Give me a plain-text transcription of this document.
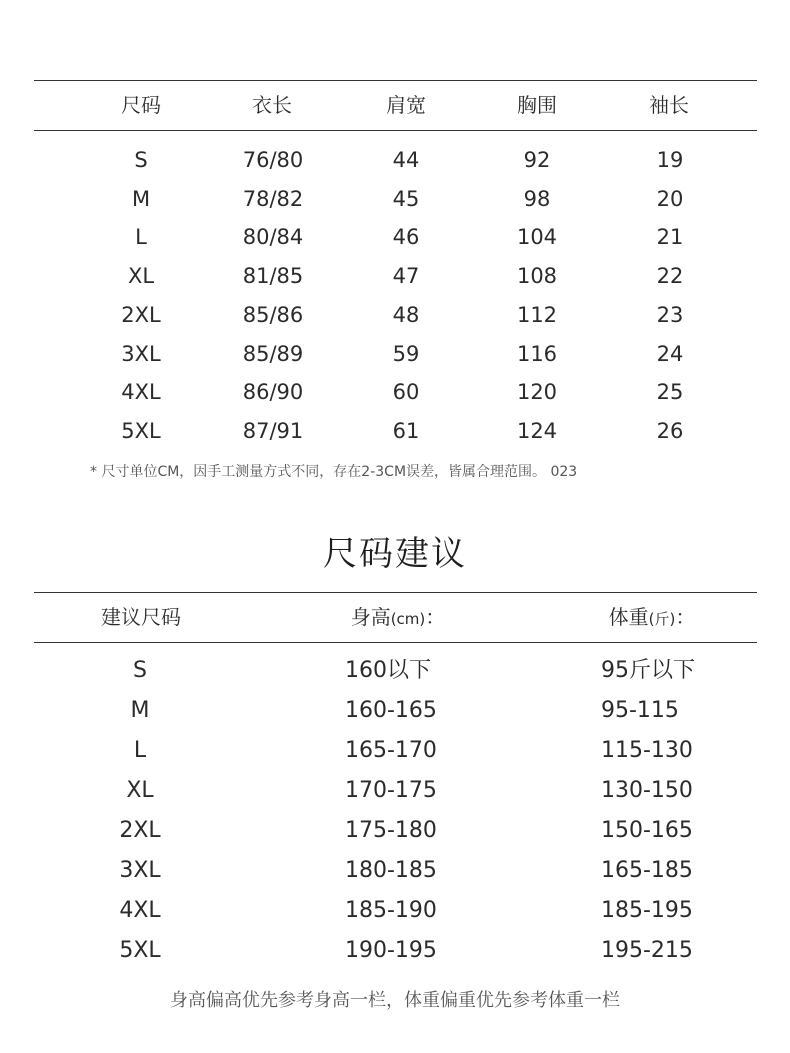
尺码	衣长	肩宽	胸围	袖长
S	76/80	44	92	19
M	78/82	45	98	20
L	80/84	46	104	21
XL	81/85	47	108	22
2XL	85/86	48	112	23
3XL	85/89	59	116	24
4XL	86/90	60	120	25
5XL	87/91	61	124	26
* 尺寸单位CM，因手工测量方式不同，存在2-3CM误差，皆属合理范围。 023
尺码建议
建议尺码	身高(cm)：	体重(斤)：
S	160以下	95斤以下
M	160-165	95-115
L	165-170	115-130
XL	170-175	130-150
2XL	175-180	150-165
3XL	180-185	165-185
4XL	185-190	185-195
5XL	190-195	195-215
身高偏高优先参考身高一栏，体重偏重优先参考体重一栏
